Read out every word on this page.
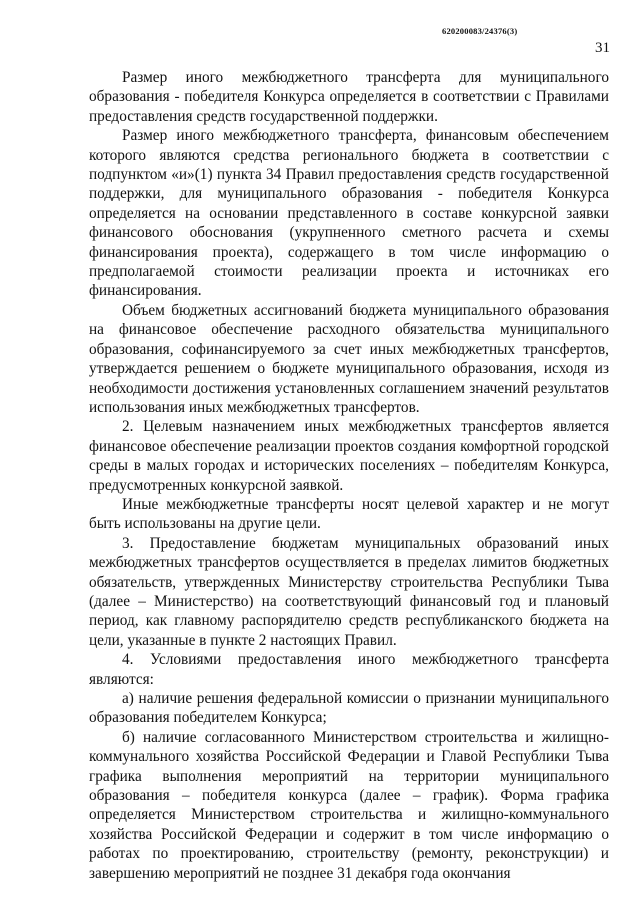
620200083/24376(3)
31

Размер иного межбюджетного трансферта для муниципального образования - победителя Конкурса определяется в соответствии с Правилами предоставления средств государственной поддержки.

Размер иного межбюджетного трансферта, финансовым обеспечением которого являются средства регионального бюджета в соответствии с подпунктом «и»(1) пункта 34 Правил предоставления средств государственной поддержки, для муниципального образования - победителя Конкурса определяется на основании представленного в составе конкурсной заявки финансового обоснования (укрупненного сметного расчета и схемы финансирования проекта), содержащего в том числе информацию о предполагаемой стоимости реализации проекта и источниках его финансирования.

Объем бюджетных ассигнований бюджета муниципального образования на финансовое обеспечение расходного обязательства муниципального образования, софинансируемого за счет иных межбюджетных трансфертов, утверждается решением о бюджете муниципального образования, исходя из необходимости достижения установленных соглашением значений результатов использования иных межбюджетных трансфертов.

2. Целевым назначением иных межбюджетных трансфертов является финансовое обеспечение реализации проектов создания комфортной городской среды в малых городах и исторических поселениях – победителям Конкурса, предусмотренных конкурсной заявкой.

Иные межбюджетные трансферты носят целевой характер и не могут быть использованы на другие цели.

3. Предоставление бюджетам муниципальных образований иных межбюджетных трансфертов осуществляется в пределах лимитов бюджетных обязательств, утвержденных Министерству строительства Республики Тыва (далее – Министерство) на соответствующий финансовый год и плановый период, как главному распорядителю средств республиканского бюджета на цели, указанные в пункте 2 настоящих Правил.

4. Условиями предоставления иного межбюджетного трансферта являются:

а) наличие решения федеральной комиссии о признании муниципального образования победителем Конкурса;

б) наличие согласованного Министерством строительства и жилищно-коммунального хозяйства Российской Федерации и Главой Республики Тыва графика выполнения мероприятий на территории муниципального образования – победителя конкурса (далее – график). Форма графика определяется Министерством строительства и жилищно-коммунального хозяйства Российской Федерации и содержит в том числе информацию о работах по проектированию, строительству (ремонту, реконструкции) и завершению мероприятий не позднее 31 декабря года окончания
